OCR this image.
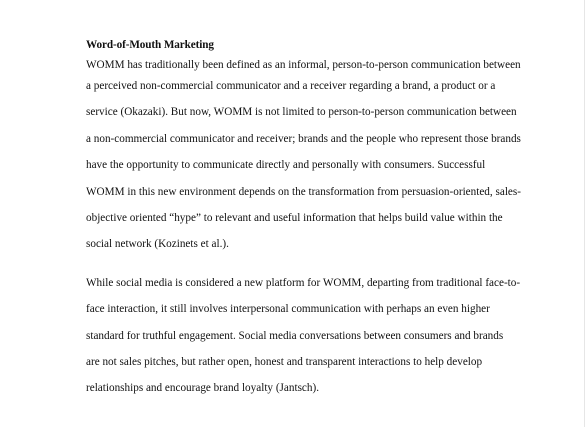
Word-of-Mouth Marketing
WOMM has traditionally been defined as an informal, person-to-person communication between
a perceived non-commercial communicator and a receiver regarding a brand, a product or a
service (Okazaki). But now, WOMM is not limited to person-to-person communication between
a non-commercial communicator and receiver; brands and the people who represent those brands
have the opportunity to communicate directly and personally with consumers. Successful
WOMM in this new environment depends on the transformation from persuasion-oriented, sales-
objective oriented “hype” to relevant and useful information that helps build value within the
social network (Kozinets et al.).
While social media is considered a new platform for WOMM, departing from traditional face-to-
face interaction, it still involves interpersonal communication with perhaps an even higher
standard for truthful engagement. Social media conversations between consumers and brands
are not sales pitches, but rather open, honest and transparent interactions to help develop
relationships and encourage brand loyalty (Jantsch).
